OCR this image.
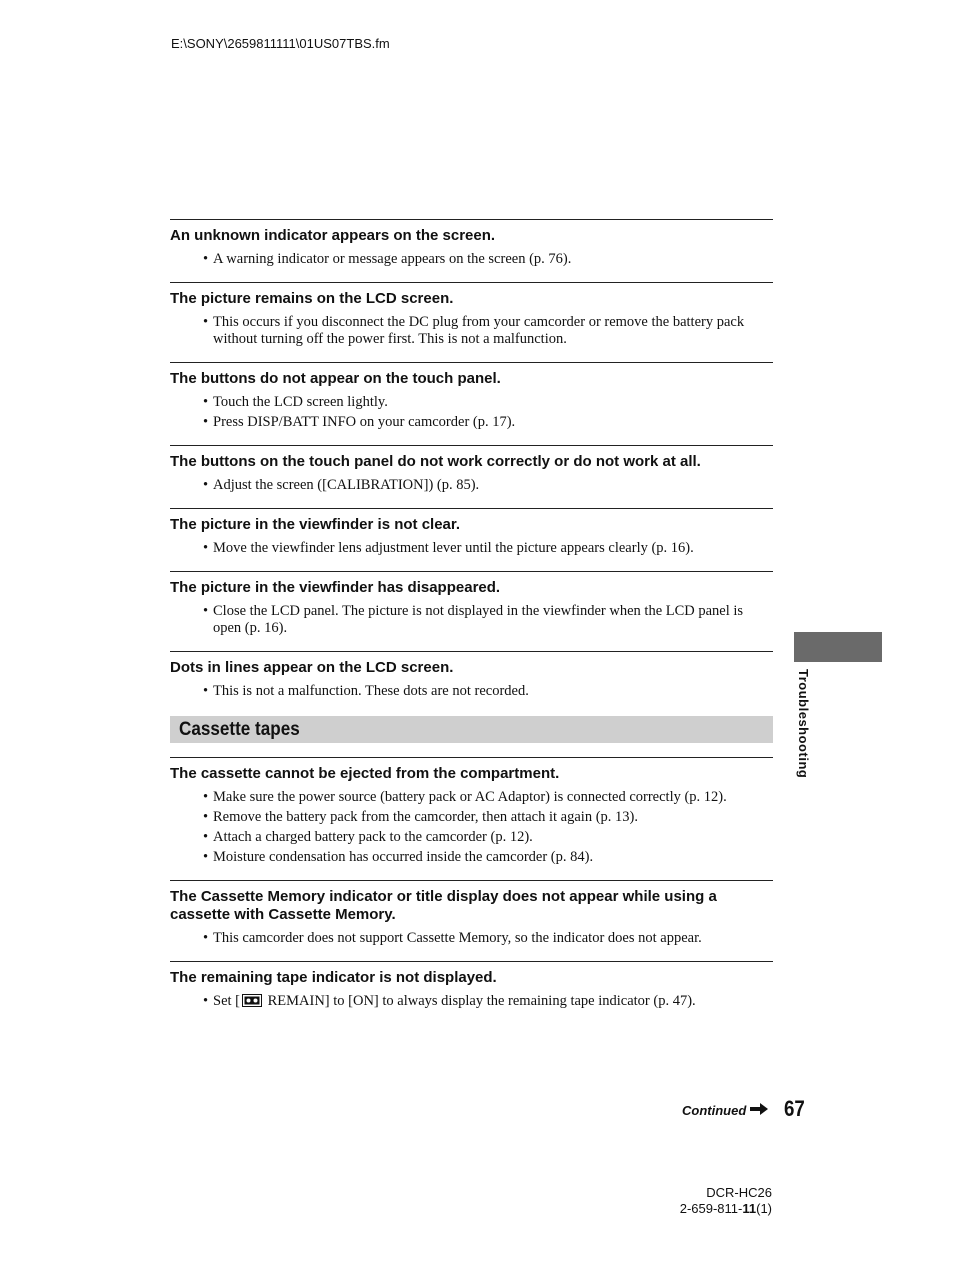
E:\SONY\2659811111\01US07TBS.fm
An unknown indicator appears on the screen.
• A warning indicator or message appears on the screen (p. 76).
The picture remains on the LCD screen.
• This occurs if you disconnect the DC plug from your camcorder or remove the battery pack without turning off the power first. This is not a malfunction.
The buttons do not appear on the touch panel.
• Touch the LCD screen lightly.
• Press DISP/BATT INFO on your camcorder (p. 17).
The buttons on the touch panel do not work correctly or do not work at all.
• Adjust the screen ([CALIBRATION]) (p. 85).
The picture in the viewfinder is not clear.
• Move the viewfinder lens adjustment lever until the picture appears clearly (p. 16).
The picture in the viewfinder has disappeared.
• Close the LCD panel. The picture is not displayed in the viewfinder when the LCD panel is open (p. 16).
Dots in lines appear on the LCD screen.
• This is not a malfunction. These dots are not recorded.
Cassette tapes
The cassette cannot be ejected from the compartment.
• Make sure the power source (battery pack or AC Adaptor) is connected correctly (p. 12).
• Remove the battery pack from the camcorder, then attach it again (p. 13).
• Attach a charged battery pack to the camcorder (p. 12).
• Moisture condensation has occurred inside the camcorder (p. 84).
The Cassette Memory indicator or title display does not appear while using a cassette with Cassette Memory.
• This camcorder does not support Cassette Memory, so the indicator does not appear.
The remaining tape indicator is not displayed.
• Set [ REMAIN] to [ON] to always display the remaining tape indicator (p. 47).
Troubleshooting
Continued 67
DCR-HC26
2-659-811-11(1)
